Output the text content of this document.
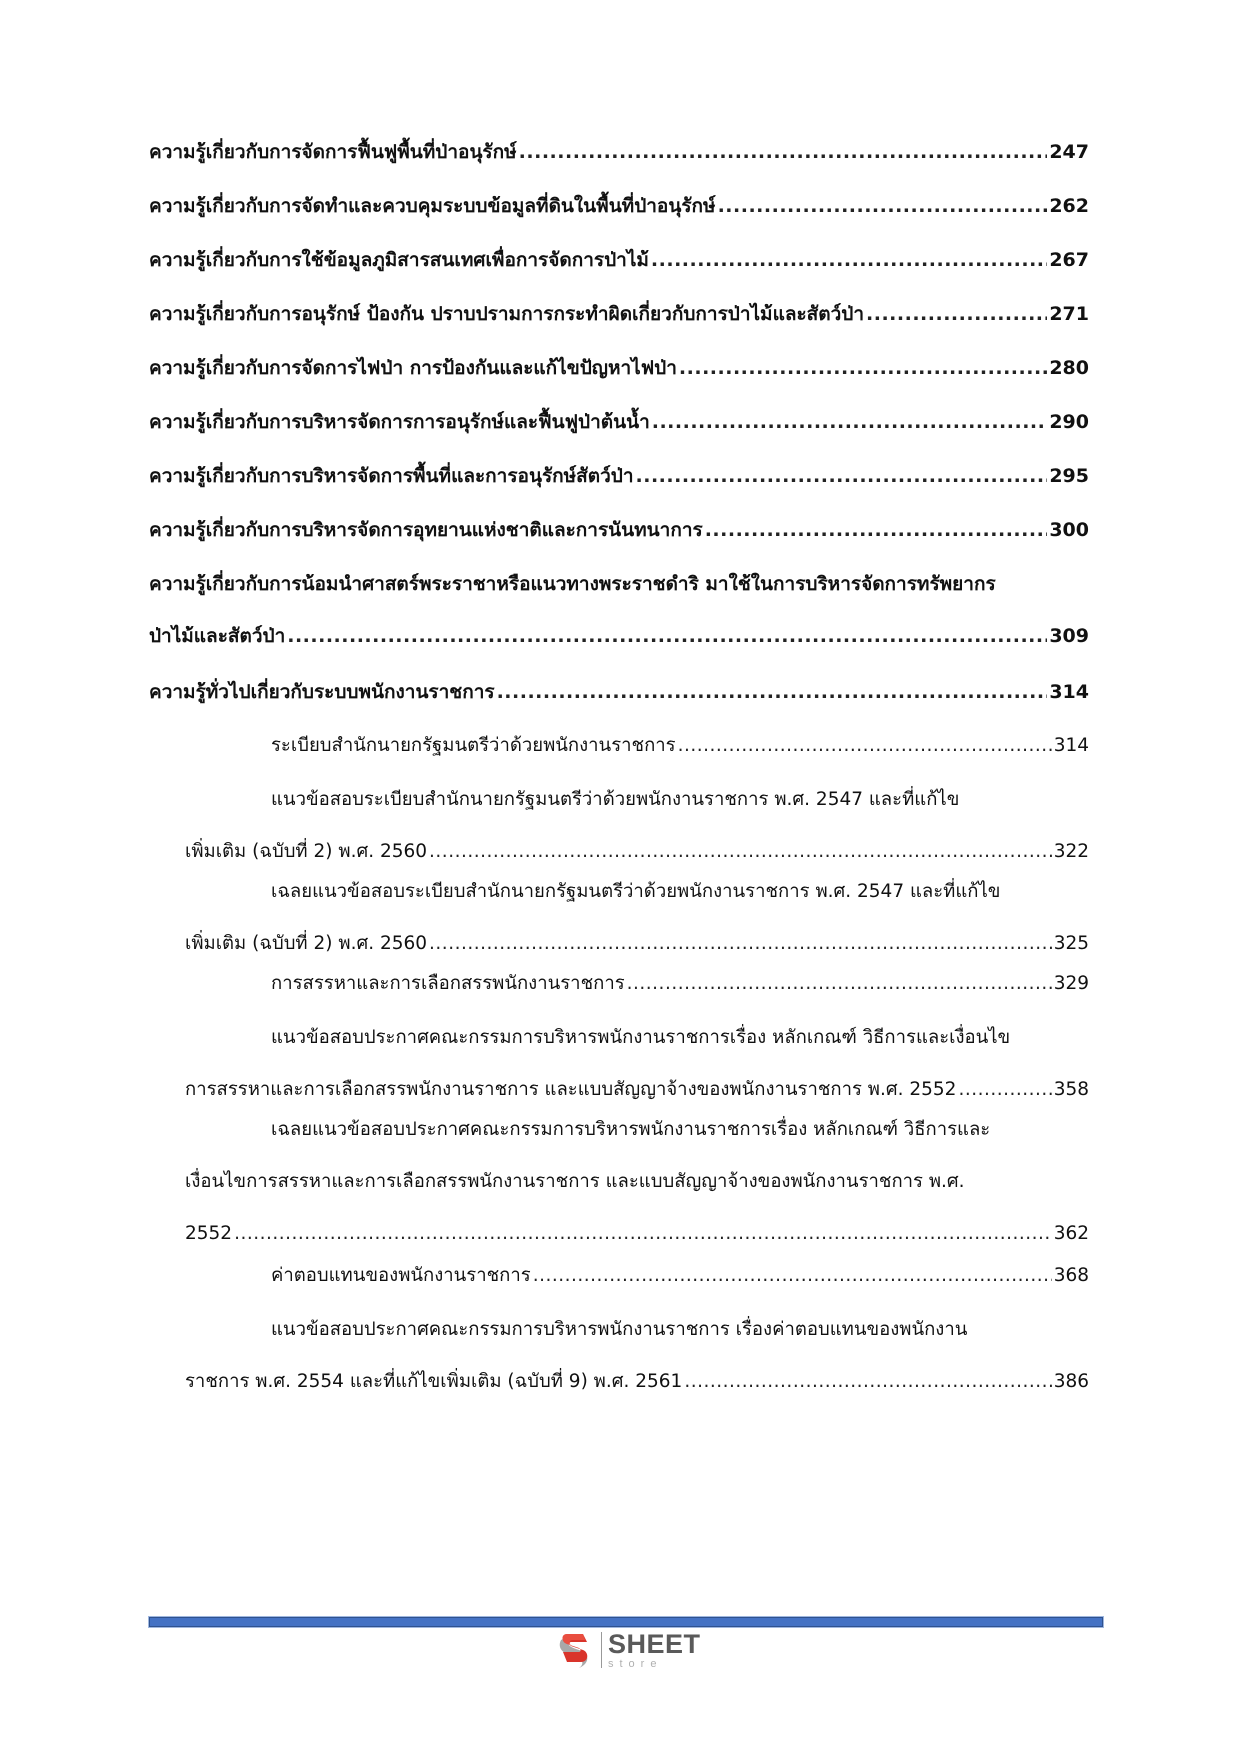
ความรู้เกี่ยวกับการจัดการฟื้นฟูพื้นที่ป่าอนุรักษ์ .....	247
ความรู้เกี่ยวกับการจัดทำและควบคุมระบบข้อมูลที่ดินในพื้นที่ป่าอนุรักษ์ .....	262
ความรู้เกี่ยวกับการใช้ข้อมูลภูมิสารสนเทศเพื่อการจัดการป่าไม้ .....	267
ความรู้เกี่ยวกับการอนุรักษ์ ป้องกัน ปราบปรามการกระทำผิดเกี่ยวกับการป่าไม้และสัตว์ป่า .....	271
ความรู้เกี่ยวกับการจัดการไฟป่า การป้องกันและแก้ไขปัญหาไฟป่า .....	280
ความรู้เกี่ยวกับการบริหารจัดการการอนุรักษ์และฟื้นฟูป่าต้นน้ำ .....	290
ความรู้เกี่ยวกับการบริหารจัดการพื้นที่และการอนุรักษ์สัตว์ป่า .....	295
ความรู้เกี่ยวกับการบริหารจัดการอุทยานแห่งชาติและการนันทนาการ .....	300
ความรู้เกี่ยวกับการน้อมนำศาสตร์พระราชาหรือแนวทางพระราชดำริ มาใช้ในการบริหารจัดการทรัพยากร
ป่าไม้และสัตว์ป่า .....	309
ความรู้ทั่วไปเกี่ยวกับระบบพนักงานราชการ .....	314
ระเบียบสำนักนายกรัฐมนตรีว่าด้วยพนักงานราชการ .....	314
แนวข้อสอบระเบียบสำนักนายกรัฐมนตรีว่าด้วยพนักงานราชการ พ.ศ. 2547 และที่แก้ไข
เพิ่มเติม (ฉบับที่ 2) พ.ศ. 2560 .....	322
เฉลยแนวข้อสอบระเบียบสำนักนายกรัฐมนตรีว่าด้วยพนักงานราชการ พ.ศ. 2547 และที่แก้ไข
เพิ่มเติม (ฉบับที่ 2) พ.ศ. 2560 .....	325
การสรรหาและการเลือกสรรพนักงานราชการ .....	329
แนวข้อสอบประกาศคณะกรรมการบริหารพนักงานราชการเรื่อง หลักเกณฑ์ วิธีการและเงื่อนไข
การสรรหาและการเลือกสรรพนักงานราชการ และแบบสัญญาจ้างของพนักงานราชการ พ.ศ. 2552 .....	358
เฉลยแนวข้อสอบประกาศคณะกรรมการบริหารพนักงานราชการเรื่อง หลักเกณฑ์ วิธีการและ
เงื่อนไขการสรรหาและการเลือกสรรพนักงานราชการ และแบบสัญญาจ้างของพนักงานราชการ พ.ศ.
2552 .....	362
ค่าตอบแทนของพนักงานราชการ .....	368
แนวข้อสอบประกาศคณะกรรมการบริหารพนักงานราชการ เรื่องค่าตอบแทนของพนักงาน
ราชการ พ.ศ. 2554 และที่แก้ไขเพิ่มเติม (ฉบับที่ 9) พ.ศ. 2561 .....	386
SHEET
store
